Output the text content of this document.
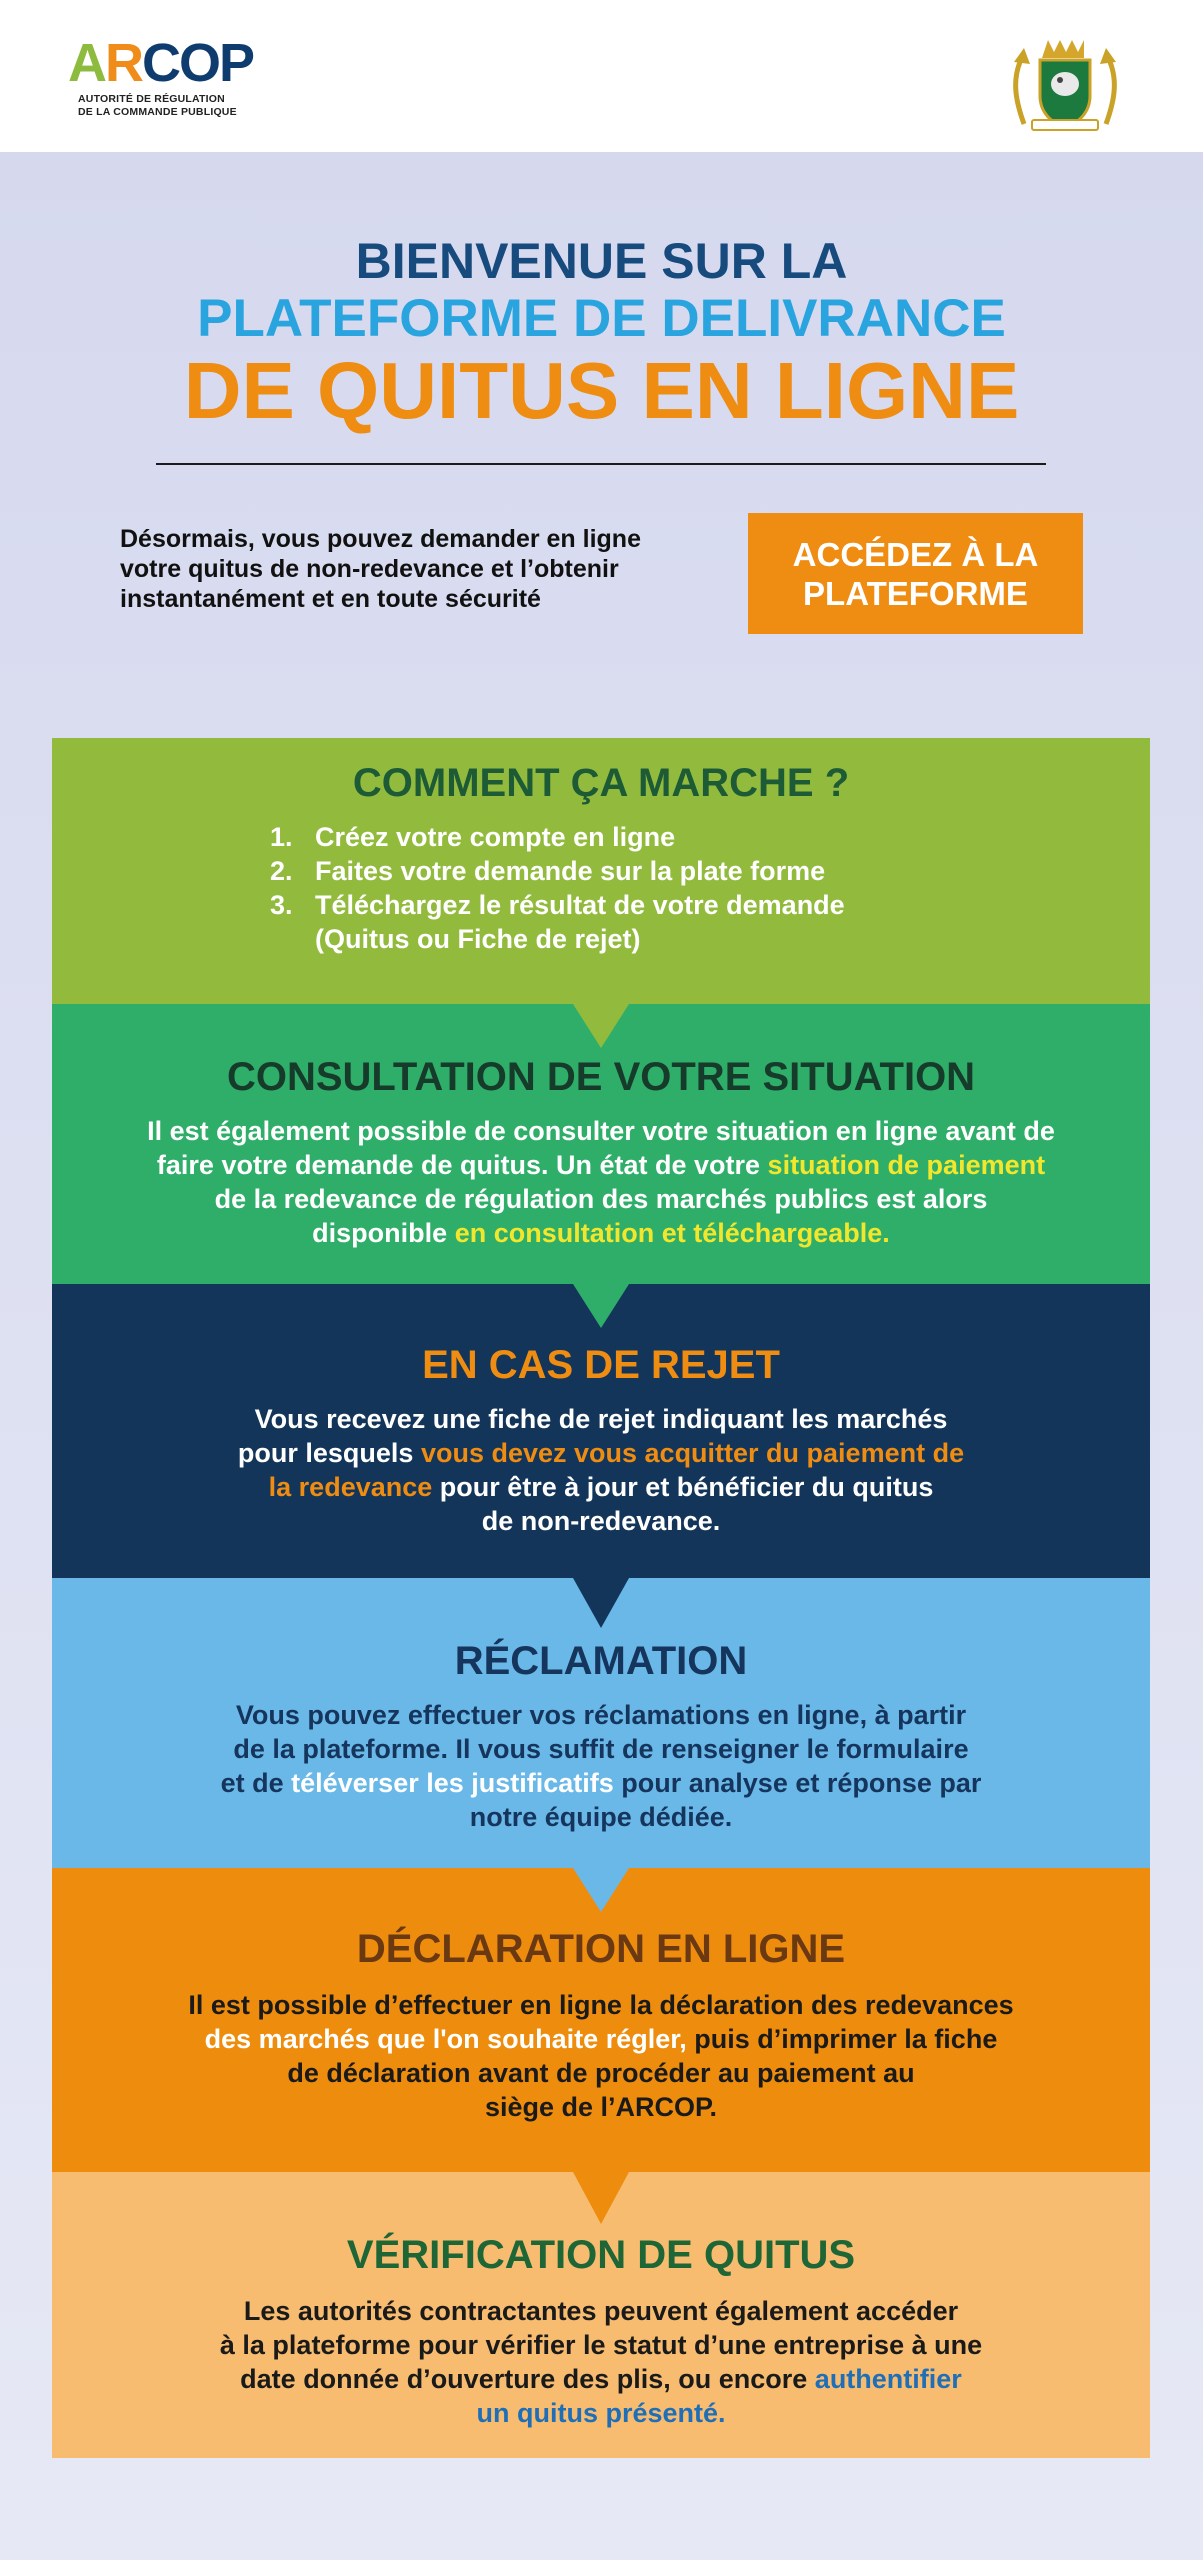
ARCOP
AUTORITÉ DE RÉGULATION
DE LA COMMANDE PUBLIQUE
BIENVENUE SUR LA
PLATEFORME DE DELIVRANCE
DE QUITUS EN LIGNE
Désormais, vous pouvez demander en ligne
votre quitus de non-redevance et l’obtenir
instantanément et en toute sécurité
ACCÉDEZ À LA
PLATEFORME
COMMENT ÇA MARCHE ?
1. Créez votre compte en ligne
2. Faites votre demande sur la plate forme
3. Téléchargez le résultat de votre demande
(Quitus ou Fiche de rejet)
CONSULTATION DE VOTRE SITUATION

Il est également possible de consulter votre situation en ligne avant de
faire votre demande de quitus. Un état de votre situation de paiement
de la redevance de régulation des marchés publics est alors
disponible en consultation et téléchargeable.

EN CAS DE REJET

Vous recevez une fiche de rejet indiquant les marchés
pour lesquels vous devez vous acquitter du paiement de
la redevance pour être à jour et bénéficier du quitus
de non-redevance.

RÉCLAMATION

Vous pouvez effectuer vos réclamations en ligne, à partir
de la plateforme. Il vous suffit de renseigner le formulaire
et de téléverser les justificatifs pour analyse et réponse par
notre équipe dédiée.

DÉCLARATION EN LIGNE

Il est possible d’effectuer en ligne la déclaration des redevances
des marchés que l'on souhaite régler, puis d’imprimer la fiche
de déclaration avant de procéder au paiement au
siège de l’ARCOP.

VÉRIFICATION DE QUITUS

Les autorités contractantes peuvent également accéder
à la plateforme pour vérifier le statut d’une entreprise à une
date donnée d’ouverture des plis, ou encore authentifier
un quitus présenté.
